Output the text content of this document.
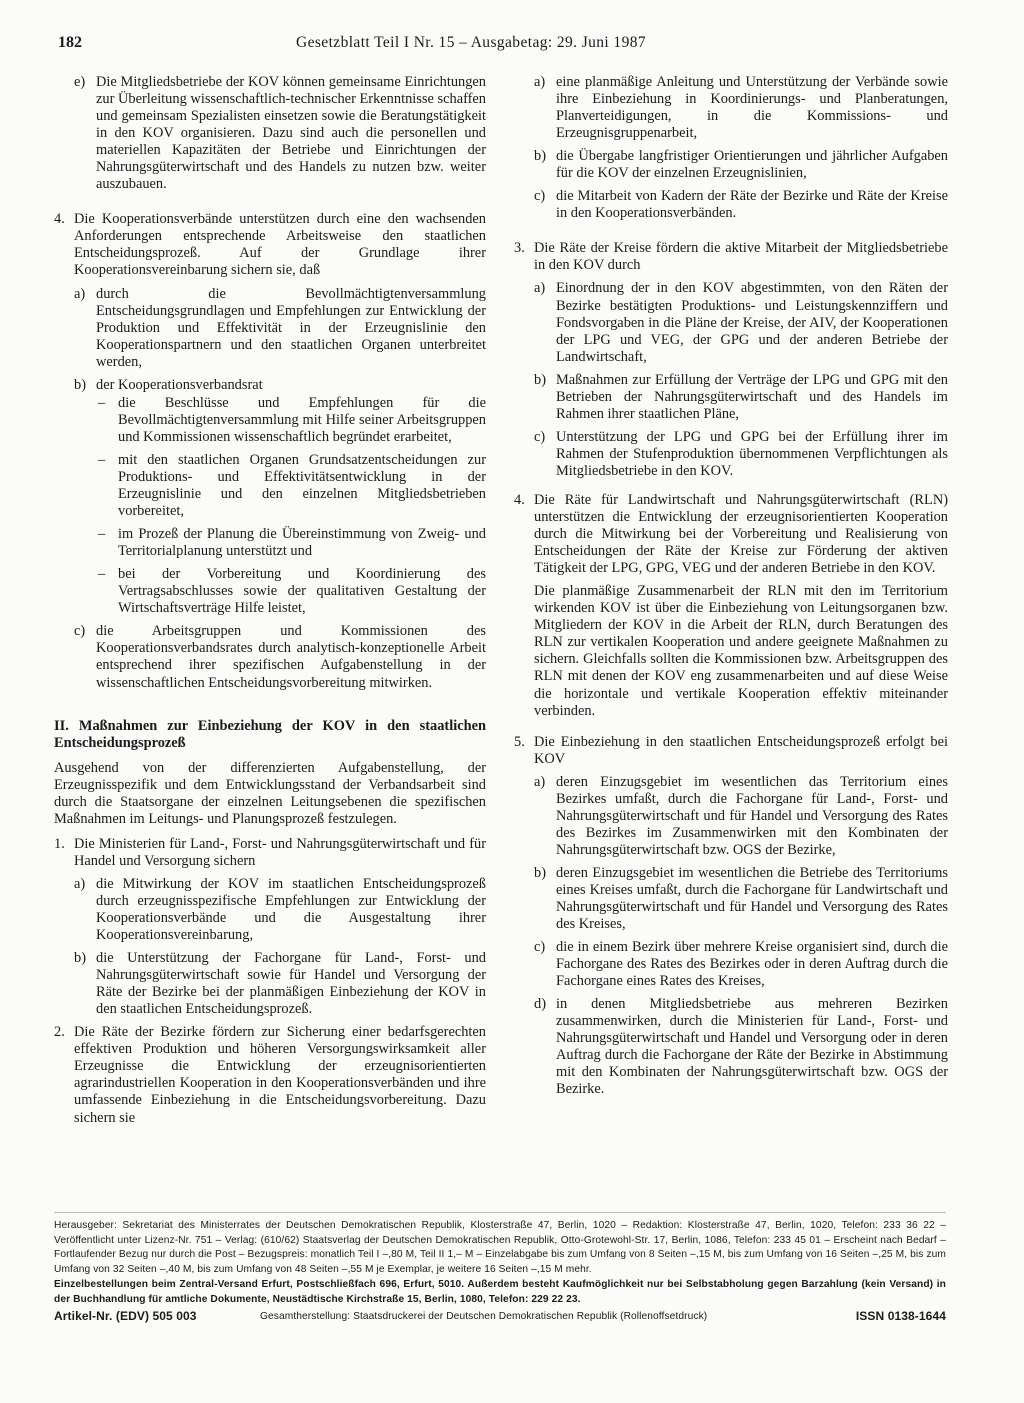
182	Gesetzblatt Teil I Nr. 15 – Ausgabetag: 29. Juni 1987
e) Die Mitgliedsbetriebe der KOV können gemeinsame Einrichtungen zur Überleitung wissenschaftlich-technischer Erkenntnisse schaffen und gemeinsam Spezialisten einsetzen sowie die Beratungstätigkeit in den KOV organisieren. Dazu sind auch die personellen und materiellen Kapazitäten der Betriebe und Einrichtungen der Nahrungsgüterwirtschaft und des Handels zu nutzen bzw. weiter auszubauen.
4. Die Kooperationsverbände unterstützen durch eine den wachsenden Anforderungen entsprechende Arbeitsweise den staatlichen Entscheidungsprozeß. Auf der Grundlage ihrer Kooperationsvereinbarung sichern sie, daß
a) durch die Bevollmächtigtenversammlung Entscheidungsgrundlagen und Empfehlungen zur Entwicklung der Produktion und Effektivität in der Erzeugnislinie den Kooperationspartnern und den staatlichen Organen unterbreitet werden,
b) der Kooperationsverbandsrat
– die Beschlüsse und Empfehlungen für die Bevollmächtigtenversammlung mit Hilfe seiner Arbeitsgruppen und Kommissionen wissenschaftlich begründet erarbeitet,
– mit den staatlichen Organen Grundsatzentscheidungen zur Produktions- und Effektivitätsentwicklung in der Erzeugnislinie und den einzelnen Mitgliedsbetrieben vorbereitet,
– im Prozeß der Planung die Übereinstimmung von Zweig- und Territorialplanung unterstützt und
– bei der Vorbereitung und Koordinierung des Vertragsabschlusses sowie der qualitativen Gestaltung der Wirtschaftsverträge Hilfe leistet,
c) die Arbeitsgruppen und Kommissionen des Kooperationsverbandsrates durch analytisch-konzeptionelle Arbeit entsprechend ihrer spezifischen Aufgabenstellung in der wissenschaftlichen Entscheidungsvorbereitung mitwirken.
II. Maßnahmen zur Einbeziehung der KOV in den staatlichen Entscheidungsprozeß
Ausgehend von der differenzierten Aufgabenstellung, der Erzeugnisspezifik und dem Entwicklungsstand der Verbandsarbeit sind durch die Staatsorgane der einzelnen Leitungsebenen die spezifischen Maßnahmen im Leitungs- und Planungsprozeß festzulegen.
1. Die Ministerien für Land-, Forst- und Nahrungsgüterwirtschaft und für Handel und Versorgung sichern
a) die Mitwirkung der KOV im staatlichen Entscheidungsprozeß durch erzeugnisspezifische Empfehlungen zur Entwicklung der Kooperationsverbände und die Ausgestaltung ihrer Kooperationsvereinbarung,
b) die Unterstützung der Fachorgane für Land-, Forst- und Nahrungsgüterwirtschaft sowie für Handel und Versorgung der Räte der Bezirke bei der planmäßigen Einbeziehung der KOV in den staatlichen Entscheidungsprozeß.
2. Die Räte der Bezirke fördern zur Sicherung einer bedarfsgerechten effektiven Produktion und höheren Versorgungswirksamkeit aller Erzeugnisse die Entwicklung der erzeugnisorientierten agrarindustriellen Kooperation in den Kooperationsverbänden und ihre umfassende Einbeziehung in die Entscheidungsvorbereitung. Dazu sichern sie
a) eine planmäßige Anleitung und Unterstützung der Verbände sowie ihre Einbeziehung in Koordinierungs- und Planberatungen, Planverteidigungen, in die Kommissions- und Erzeugnisgruppenarbeit,
b) die Übergabe langfristiger Orientierungen und jährlicher Aufgaben für die KOV der einzelnen Erzeugnislinien,
c) die Mitarbeit von Kadern der Räte der Bezirke und Räte der Kreise in den Kooperationsverbänden.
3. Die Räte der Kreise fördern die aktive Mitarbeit der Mitgliedsbetriebe in den KOV durch
a) Einordnung der in den KOV abgestimmten, von den Räten der Bezirke bestätigten Produktions- und Leistungskennziffern und Fondsvorgaben in die Pläne der Kreise, der AIV, der Kooperationen der LPG und VEG, der GPG und der anderen Betriebe der Landwirtschaft,
b) Maßnahmen zur Erfüllung der Verträge der LPG und GPG mit den Betrieben der Nahrungsgüterwirtschaft und des Handels im Rahmen ihrer staatlichen Pläne,
c) Unterstützung der LPG und GPG bei der Erfüllung ihrer im Rahmen der Stufenproduktion übernommenen Verpflichtungen als Mitgliedsbetriebe in den KOV.
4. Die Räte für Landwirtschaft und Nahrungsgüterwirtschaft (RLN) unterstützen die Entwicklung der erzeugnisorientierten Kooperation durch die Mitwirkung bei der Vorbereitung und Realisierung von Entscheidungen der Räte der Kreise zur Förderung der aktiven Tätigkeit der LPG, GPG, VEG und der anderen Betriebe in den KOV.
Die planmäßige Zusammenarbeit der RLN mit den im Territorium wirkenden KOV ist über die Einbeziehung von Leitungsorganen bzw. Mitgliedern der KOV in die Arbeit der RLN, durch Beratungen des RLN zur vertikalen Kooperation und andere geeignete Maßnahmen zu sichern. Gleichfalls sollten die Kommissionen bzw. Arbeitsgruppen des RLN mit denen der KOV eng zusammenarbeiten und auf diese Weise die horizontale und vertikale Kooperation effektiv miteinander verbinden.
5. Die Einbeziehung in den staatlichen Entscheidungsprozeß erfolgt bei KOV
a) deren Einzugsgebiet im wesentlichen das Territorium eines Bezirkes umfaßt, durch die Fachorgane für Land-, Forst- und Nahrungsgüterwirtschaft und für Handel und Versorgung des Rates des Bezirkes im Zusammenwirken mit den Kombinaten der Nahrungsgüterwirtschaft bzw. OGS der Bezirke,
b) deren Einzugsgebiet im wesentlichen die Betriebe des Territoriums eines Kreises umfaßt, durch die Fachorgane für Landwirtschaft und Nahrungsgüterwirtschaft und für Handel und Versorgung des Rates des Kreises,
c) die in einem Bezirk über mehrere Kreise organisiert sind, durch die Fachorgane des Rates des Bezirkes oder in deren Auftrag durch die Fachorgane eines Rates des Kreises,
d) in denen Mitgliedsbetriebe aus mehreren Bezirken zusammenwirken, durch die Ministerien für Land-, Forst- und Nahrungsgüterwirtschaft und Handel und Versorgung oder in deren Auftrag durch die Fachorgane der Räte der Bezirke in Abstimmung mit den Kombinaten der Nahrungsgüterwirtschaft bzw. OGS der Bezirke.
Herausgeber: Sekretariat des Ministerrates der Deutschen Demokratischen Republik, Klosterstraße 47, Berlin, 1020 – Redaktion: Klosterstraße 47, Berlin, 1020, Telefon: 233 36 22 – Veröffentlicht unter Lizenz-Nr. 751 – Verlag: (610/62) Staatsverlag der Deutschen Demokratischen Republik, Otto-Grotewohl-Str. 17, Berlin, 1086, Telefon: 233 45 01 – Erscheint nach Bedarf – Fortlaufender Bezug nur durch die Post – Bezugspreis: monatlich Teil I –,80 M, Teil II 1,– M – Einzelabgabe bis zum Umfang von 8 Seiten –,15 M, bis zum Umfang von 16 Seiten –,25 M, bis zum Umfang von 32 Seiten –,40 M, bis zum Umfang von 48 Seiten –,55 M je Exemplar, je weitere 16 Seiten –,15 M mehr.
Einzelbestellungen beim Zentral-Versand Erfurt, Postschließfach 696, Erfurt, 5010. Außerdem besteht Kaufmöglichkeit nur bei Selbstabholung gegen Barzahlung (kein Versand) in der Buchhandlung für amtliche Dokumente, Neustädtische Kirchstraße 15, Berlin, 1080, Telefon: 229 22 23.
Artikel-Nr. (EDV) 505 003	Gesamtherstellung: Staatsdruckerei der Deutschen Demokratischen Republik (Rollenoffsetdruck)	ISSN 0138-1644
